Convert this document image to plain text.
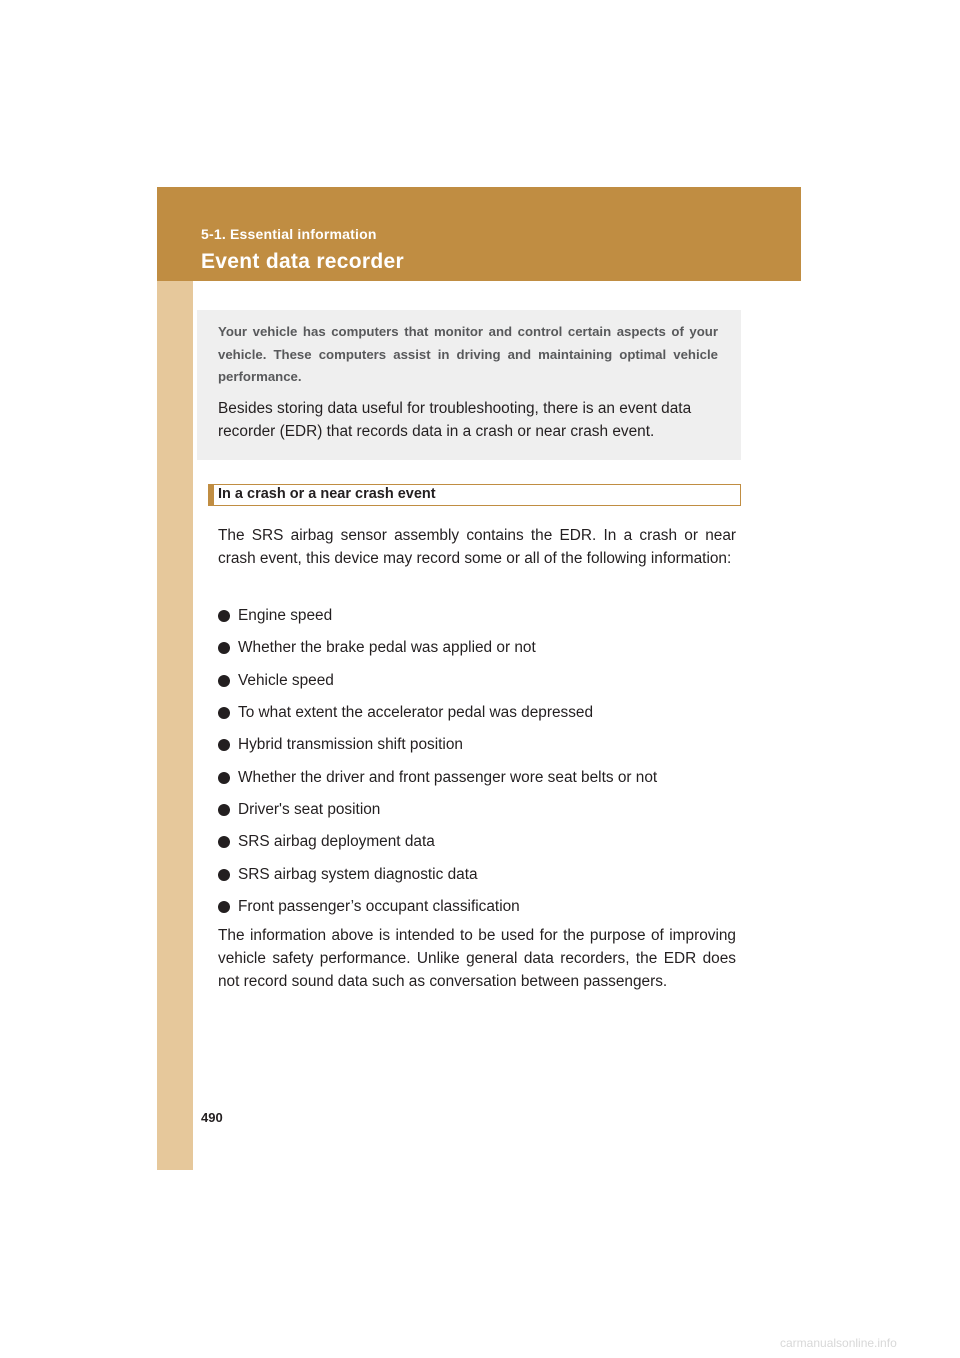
5-1. Essential information
Event data recorder
Your vehicle has computers that monitor and control certain aspects of your vehicle. These computers assist in driving and maintaining optimal vehicle performance.
Besides storing data useful for troubleshooting, there is an event data recorder (EDR) that records data in a crash or near crash event.
In a crash or a near crash event
The SRS airbag sensor assembly contains the EDR. In a crash or near crash event, this device may record some or all of the following information:
Engine speed
Whether the brake pedal was applied or not
Vehicle speed
To what extent the accelerator pedal was depressed
Hybrid transmission shift position
Whether the driver and front passenger wore seat belts or not
Driver's seat position
SRS airbag deployment data
SRS airbag system diagnostic data
Front passenger’s occupant classification
The information above is intended to be used for the purpose of improving vehicle safety performance. Unlike general data recorders, the EDR does not record sound data such as conversation between passengers.
490
carmanualsonline.info
